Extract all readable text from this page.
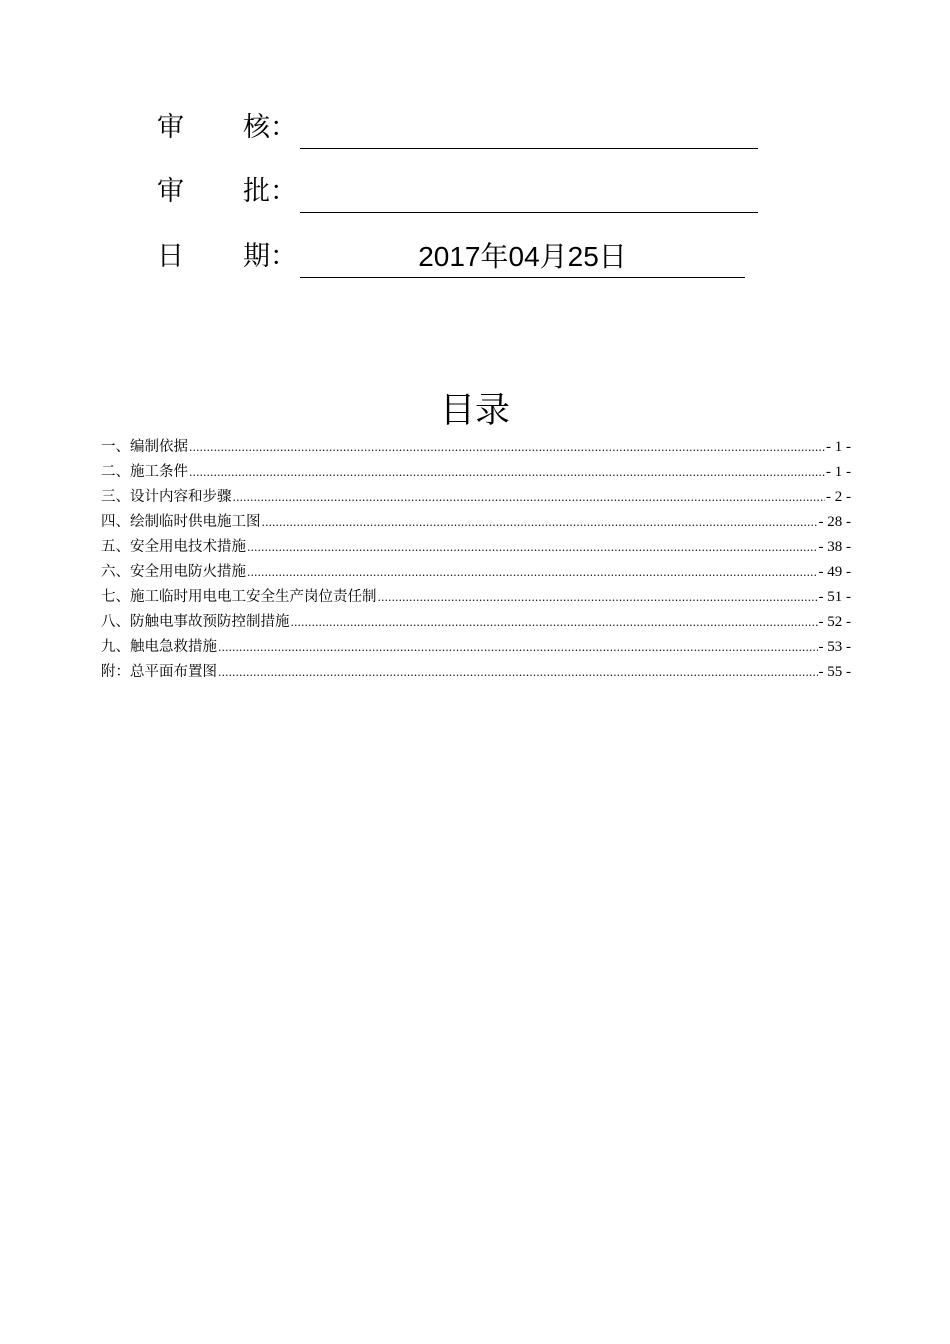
审	核：
审	批：
日	期：	2017年04月25日
目录
一、编制依据 .....	- 1 -
二、施工条件 .....	- 1 -
三、设计内容和步骤 .....	- 2 -
四、绘制临时供电施工图 .....	- 28 -
五、安全用电技术措施 .....	- 38 -
六、安全用电防火措施 .....	- 49 -
七、施工临时用电电工安全生产岗位责任制 .....	- 51 -
八、防触电事故预防控制措施 .....	- 52 -
九、触电急救措施 .....	- 53 -
附：总平面布置图 .....	- 55 -
